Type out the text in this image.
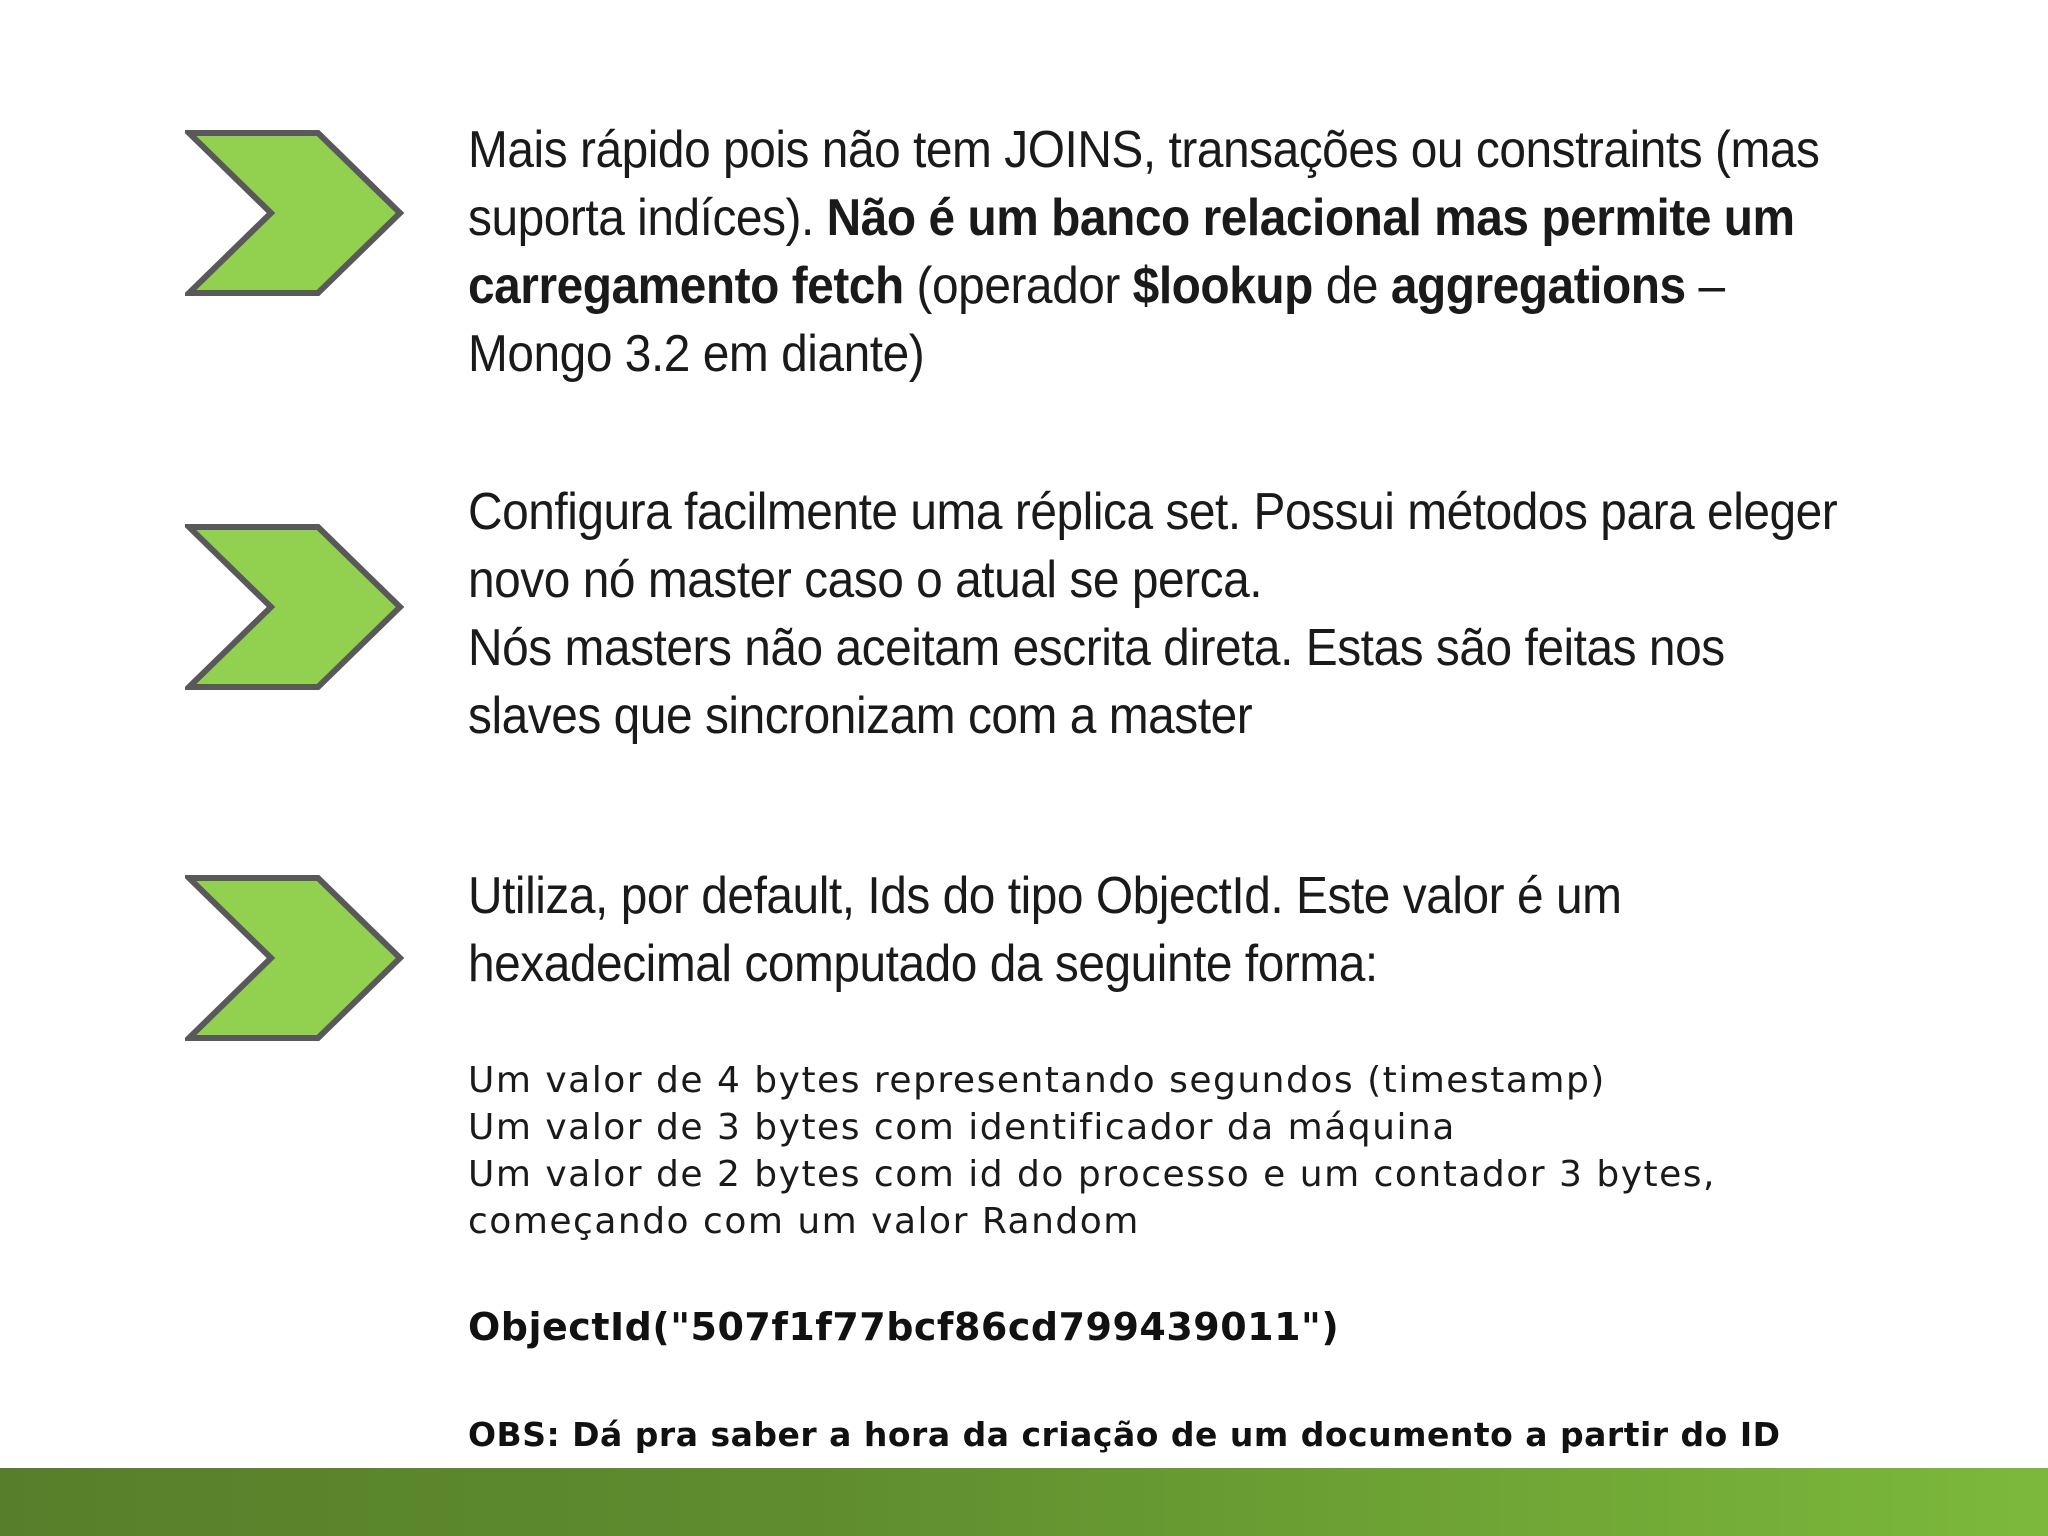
Mais rápido pois não tem JOINS, transações ou constraints (mas
suporta indíces). Não é um banco relacional mas permite um
carregamento fetch (operador $lookup de aggregations –
Mongo 3.2 em diante)
Configura facilmente uma réplica set. Possui métodos para eleger
novo nó master caso o atual se perca.
Nós masters não aceitam escrita direta. Estas são feitas nos
slaves que sincronizam com a master
Utiliza, por default, Ids do tipo ObjectId. Este valor é um
hexadecimal computado da seguinte forma:
Um valor de 4 bytes representando segundos (timestamp)
Um valor de 3 bytes com identificador da máquina
Um valor de 2 bytes com id do processo e um contador 3 bytes,
começando com um valor Random
ObjectId("507f1f77bcf86cd799439011")
OBS: Dá pra saber a hora da criação de um documento a partir do ID
